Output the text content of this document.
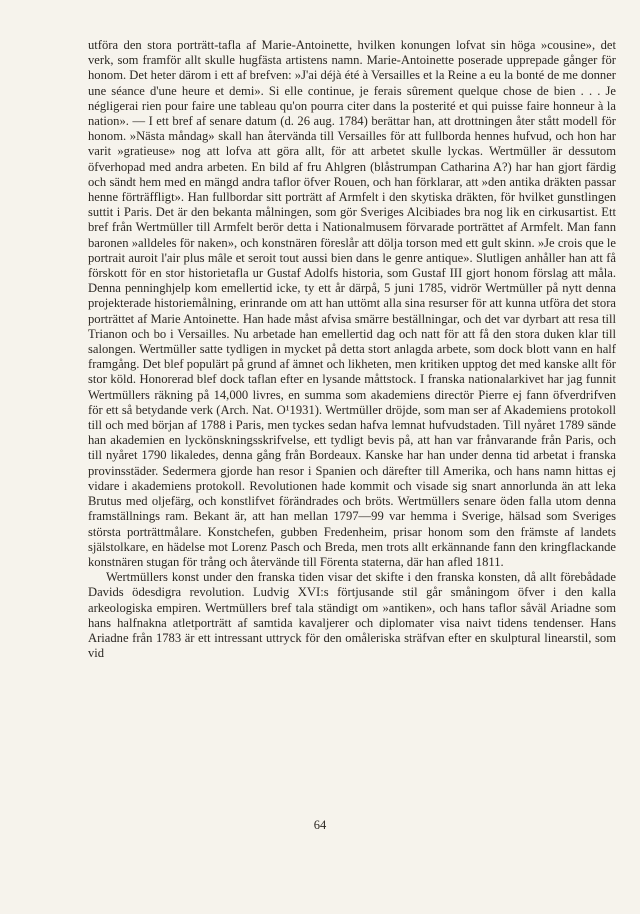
utföra den stora porträtt-tafla af Marie-Antoinette, hvilken konungen lofvat sin höga »cousine», det verk, som framför allt skulle hugfästa artistens namn. Marie-Antoinette poserade upprepade gånger för honom. Det heter därom i ett af brefven: »J'ai déjà été à Versailles et la Reine a eu la bonté de me donner une séance d'une heure et demi». Si elle continue, je ferais sûrement quelque chose de bien . . . Je négligerai rien pour faire une tableau qu'on pourra citer dans la posterité et qui puisse faire honneur à la nation». — I ett bref af senare datum (d. 26 aug. 1784) berättar han, att drottningen åter stått modell för honom. »Nästa måndag» skall han återvända till Versailles för att fullborda hennes hufvud, och hon har varit »gratieuse» nog att lofva att göra allt, för att arbetet skulle lyckas. Wertmüller är dessutom öfverhopad med andra arbeten. En bild af fru Ahlgren (blåstrumpan Catharina A?) har han gjort färdig och sändt hem med en mängd andra taflor öfver Rouen, och han förklarar, att »den antika dräkten passar henne förträffligt». Han fullbordar sitt porträtt af Armfelt i den skytiska dräkten, för hvilket gunstlingen suttit i Paris. Det är den bekanta målningen, som gör Sveriges Alcibiades bra nog lik en cirkusartist. Ett bref från Wertmüller till Armfelt berör detta i Nationalmusem förvarade porträttet af Armfelt. Man fann baronen »alldeles för naken», och konstnären föreslår att dölja torson med ett gult skinn. »Je crois que le portrait auroit l'air plus mâle et seroit tout aussi bien dans le genre antique». Slutligen anhåller han att få förskott för en stor historietafla ur Gustaf Adolfs historia, som Gustaf III gjort honom förslag att måla. Denna penninghjelp kom emellertid icke, ty ett år därpå, 5 juni 1785, vidrör Wertmüller på nytt denna projekterade historiemålning, erinrande om att han uttömt alla sina resurser för att kunna utföra det stora porträttet af Marie Antoinette. Han hade måst afvisa smärre beställningar, och det var dyrbart att resa till Trianon och bo i Versailles. Nu arbetade han emellertid dag och natt för att få den stora duken klar till salongen. Wertmüller satte tydligen in mycket på detta stort anlagda arbete, som dock blott vann en half framgång. Det blef populärt på grund af ämnet och likheten, men kritiken upptog det med kanske allt för stor köld. Honorerad blef dock taflan efter en lysande måttstock. I franska nationalarkivet har jag funnit Wertmüllers räkning på 14,000 livres, en summa som akademiens directör Pierre ej fann öfverdrifven för ett så betydande verk (Arch. Nat. O¹1931). Wertmüller dröjde, som man ser af Akademiens protokoll till och med början af 1788 i Paris, men tyckes sedan hafva lemnat hufvudstaden. Till nyåret 1789 sände han akademien en lyckönskningsskrifvelse, ett tydligt bevis på, att han var frånvarande från Paris, och till nyåret 1790 likaledes, denna gång från Bordeaux. Kanske har han under denna tid arbetat i franska provinsstäder. Sedermera gjorde han resor i Spanien och därefter till Amerika, och hans namn hittas ej vidare i akademiens protokoll. Revolutionen hade kommit och visade sig snart annorlunda än att leka Brutus med oljefärg, och konstlifvet förändrades och bröts. Wertmüllers senare öden falla utom denna framställnings ram. Bekant är, att han mellan 1797—99 var hemma i Sverige, hälsad som Sveriges största porträttmålare. Konstchefen, gubben Fredenheim, prisar honom som den främste af landets själstolkare, en hädelse mot Lorenz Pasch och Breda, men trots allt erkännande fann den kringflackande konstnären stugan för trång och återvände till Förenta staterna, där han afled 1811.

Wertmüllers konst under den franska tiden visar det skifte i den franska konsten, då allt förebådade Davids ödesdigra revolution. Ludvig XVI:s förtjusande stil går småningom öfver i den kalla arkeologiska empiren. Wertmüllers bref tala ständigt om »antiken», och hans taflor såväl Ariadne som hans halfnakna atletporträtt af samtida kavaljerer och diplomater visa naivt tidens tendenser. Hans Ariadne från 1783 är ett intressant uttryck för den omåleriska sträfvan efter en skulptural linearstil, som vid

64
